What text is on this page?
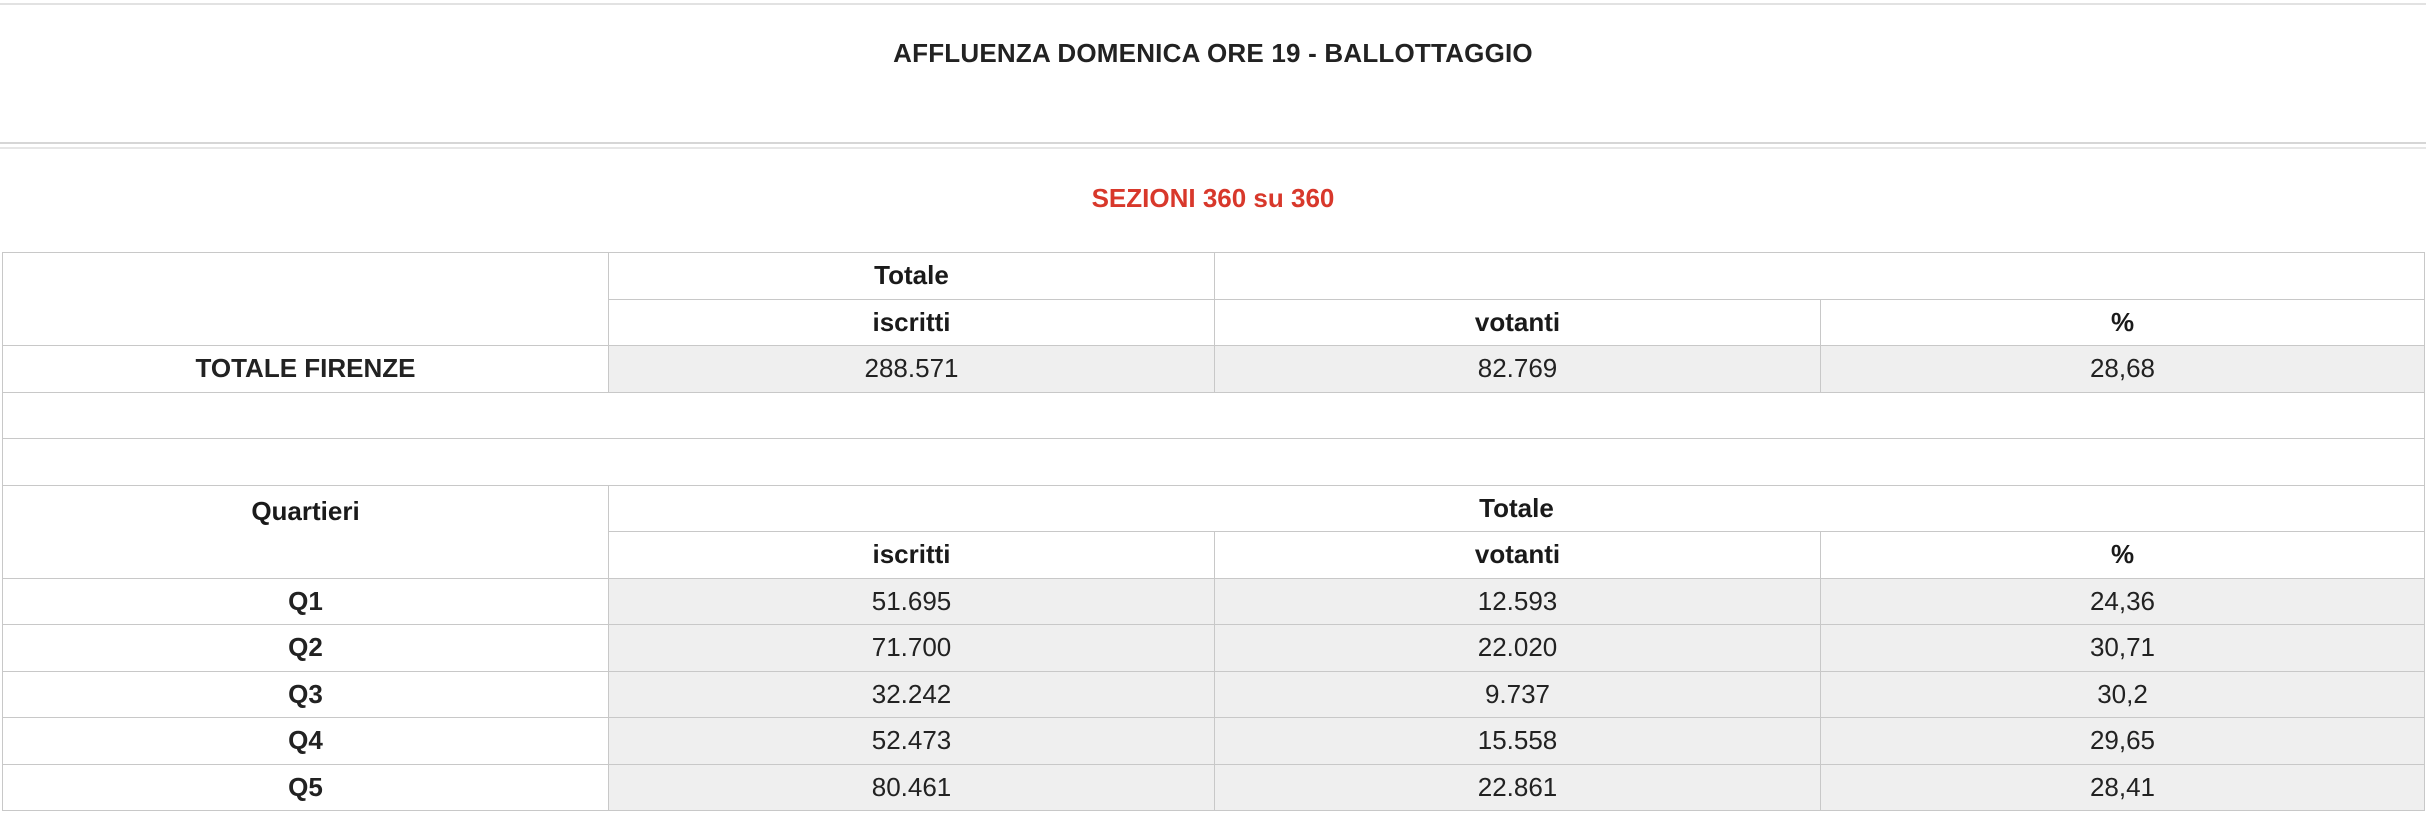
AFFLUENZA DOMENICA ORE 19 - BALLOTTAGGIO
SEZIONI 360 su 360
	Totale		
	iscritti	votanti	%
TOTALE FIRENZE	288.571	82.769	28,68

Quartieri	Totale		
	iscritti	votanti	%
Q1	51.695	12.593	24,36
Q2	71.700	22.020	30,71
Q3	32.242	9.737	30,2
Q4	52.473	15.558	29,65
Q5	80.461	22.861	28,41
